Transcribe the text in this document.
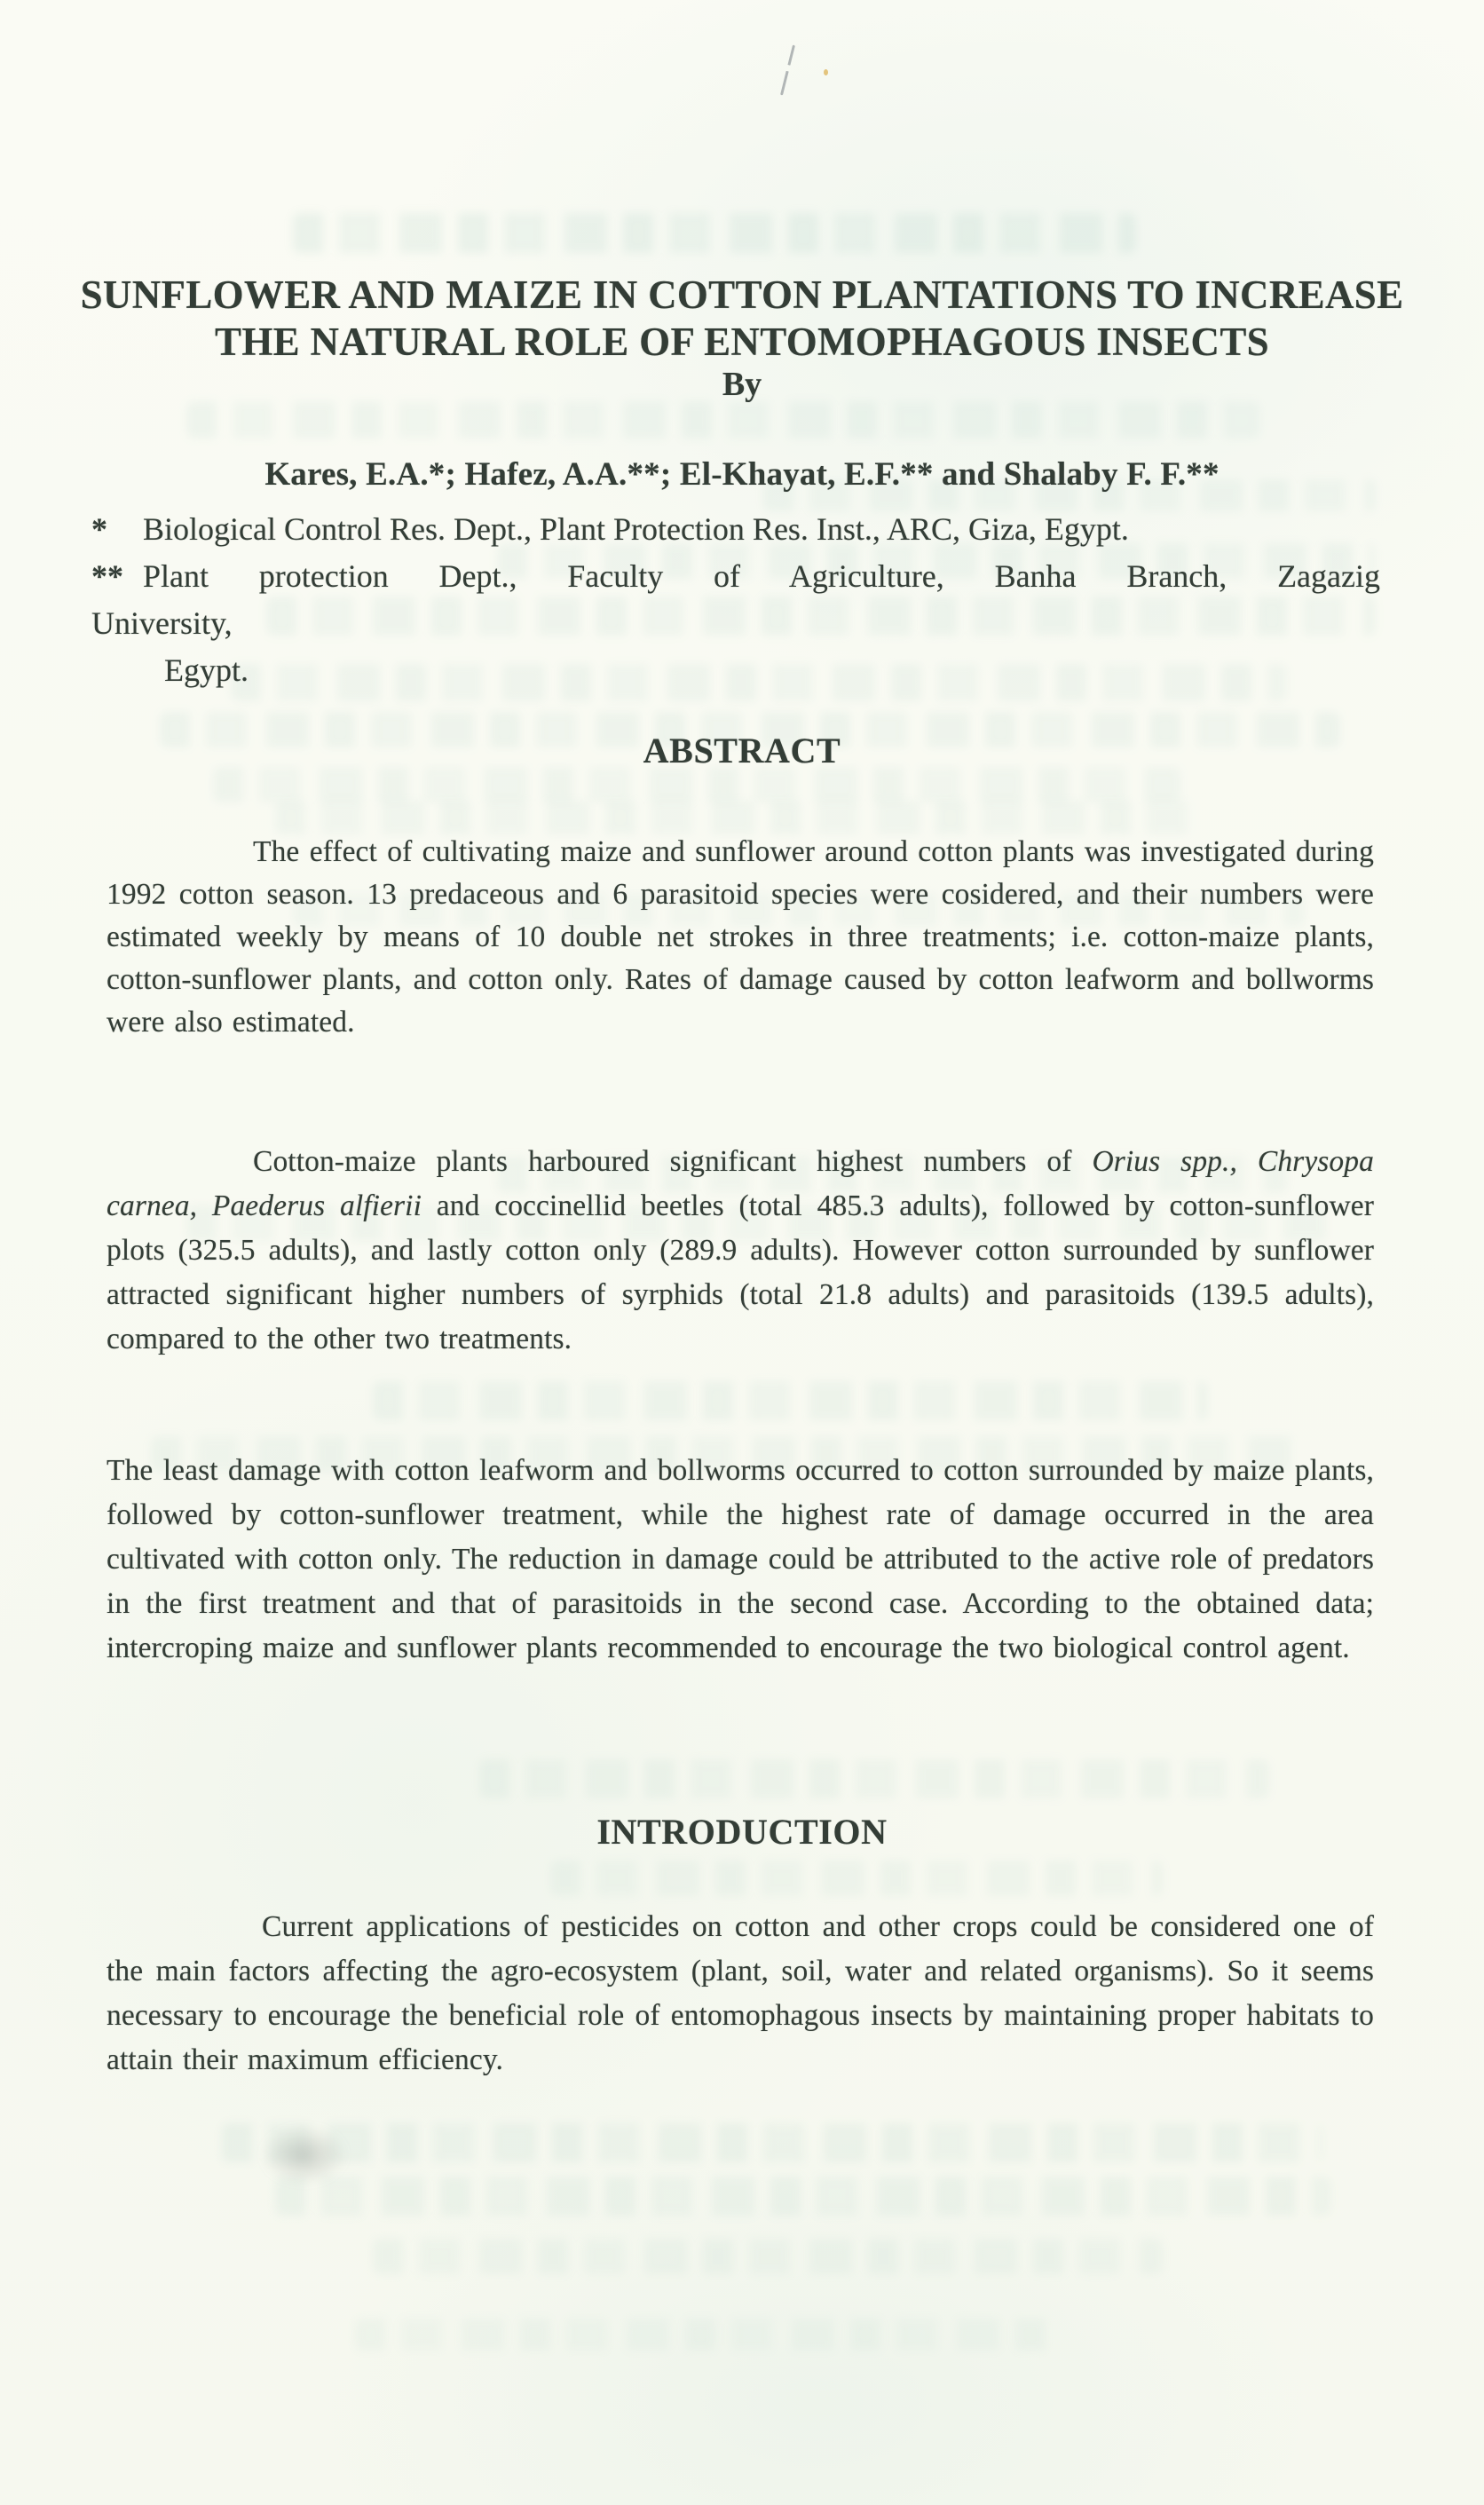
SUNFLOWER AND MAIZE IN COTTON PLANTATIONS TO INCREASE
THE NATURAL ROLE OF ENTOMOPHAGOUS INSECTS
By
Kares, E.A.*; Hafez, A.A.**; El-Khayat, E.F.** and Shalaby F. F.**
* Biological Control Res. Dept., Plant Protection Res. Inst., ARC, Giza, Egypt.
** Plant protection Dept., Faculty of Agriculture, Banha Branch, Zagazig
University,
Egypt.
ABSTRACT
The effect of cultivating maize and sunflower around cotton plants was investigated during 1992 cotton season. 13 predaceous and 6 parasitoid species were cosidered, and their numbers were estimated weekly by means of 10 double net strokes in three treatments; i.e. cotton-maize plants, cotton-sunflower plants, and cotton only. Rates of damage caused by cotton leafworm and bollworms were also estimated.
Cotton-maize plants harboured significant highest numbers of Orius spp., Chrysopa carnea, Paederus alfierii and coccinellid beetles (total 485.3 adults), followed by cotton-sunflower plots (325.5 adults), and lastly cotton only (289.9 adults). However cotton surrounded by sunflower attracted significant higher numbers of syrphids (total 21.8 adults) and parasitoids (139.5 adults), compared to the other two treatments.
The least damage with cotton leafworm and bollworms occurred to cotton surrounded by maize plants, followed by cotton-sunflower treatment, while the highest rate of damage occurred in the area cultivated with cotton only. The reduction in damage could be attributed to the active role of predators in the first treatment and that of parasitoids in the second case. According to the obtained data; intercroping maize and sunflower plants recommended to encourage the two biological control agent.
INTRODUCTION
Current applications of pesticides on cotton and other crops could be considered one of the main factors affecting the agro-ecosystem (plant, soil, water and related organisms). So it seems necessary to encourage the beneficial role of entomophagous insects by maintaining proper habitats to attain their maximum efficiency.
